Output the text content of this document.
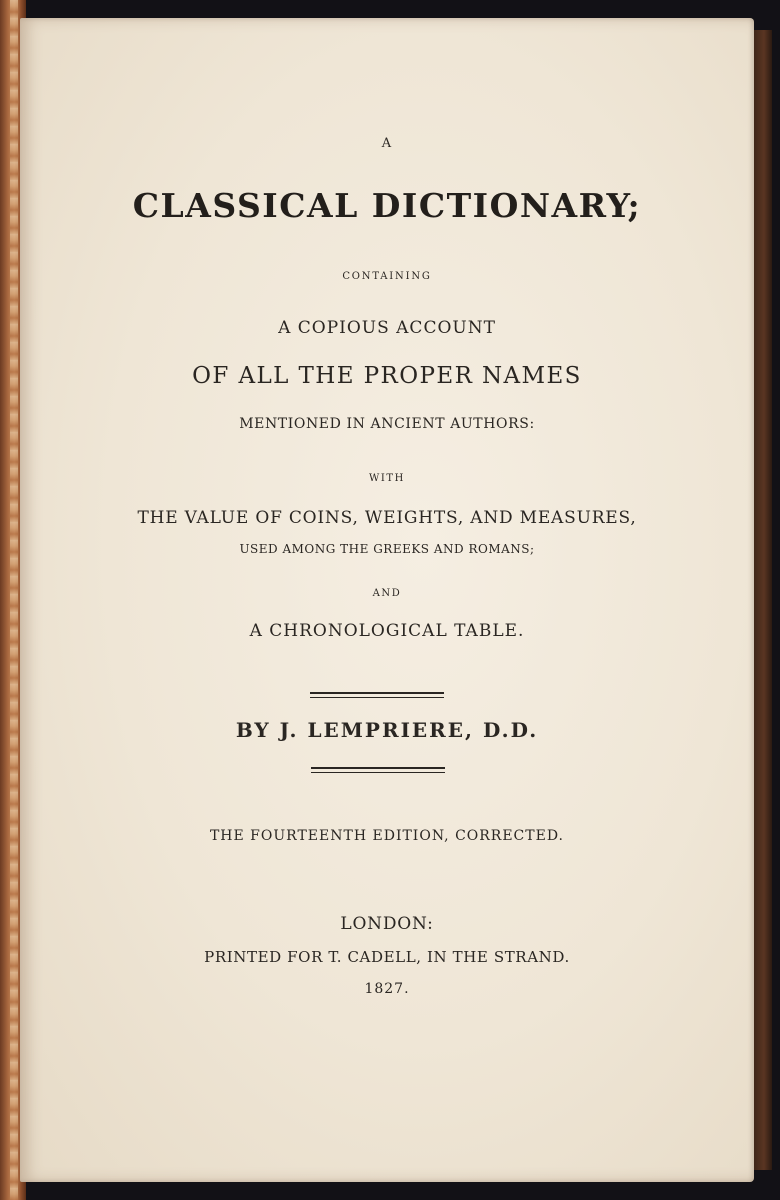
A
CLASSICAL DICTIONARY;
CONTAINING
A COPIOUS ACCOUNT
OF ALL THE PROPER NAMES
MENTIONED IN ANCIENT AUTHORS:
WITH
THE VALUE OF COINS, WEIGHTS, AND MEASURES,
USED AMONG THE GREEKS AND ROMANS;
AND
A CHRONOLOGICAL TABLE.
BY J. LEMPRIERE, D.D.
THE FOURTEENTH EDITION, CORRECTED.
LONDON:
PRINTED FOR T. CADELL, IN THE STRAND.
1827.
